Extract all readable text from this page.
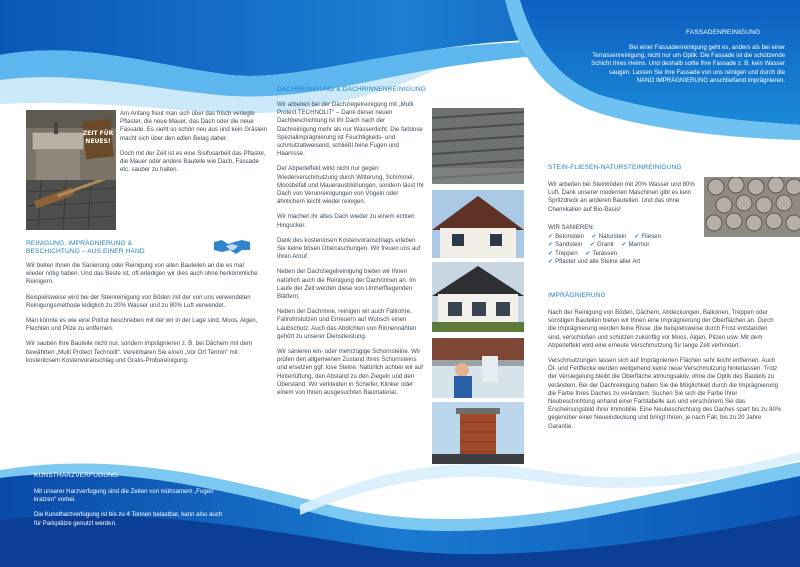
FASSADENREINIGUNG
Bei einer Fassadenreinigung geht es, anders als bei einer Terrassenreinigung, nicht nur um Optik. Die Fassade ist die schützende Schicht Ihres Heims. Und deshalb sollte Ihre Fassade z. B. kein Wasser saugen. Lassen Sie Ihre Fassade von uns reinigen und durch die NANO IMPRÄGNIERUNG anschließend imprägnieren.
ZEIT FÜR
NEUES!

Am Anfang freut man sich über das frisch verlegte Pflaster, die neue Mauer, das Dach oder die neue Fassade. Es sieht so schön neu aus und kein Gräslein macht sich über den edlen Belag daher.

Doch mit der Zeit ist es eine Sisifusarbeit das Pflaster, die Mauer oder andere Bauteile wie Dach, Fassade etc. sauber zu halten.

REINIGUNG, IMPRÄGNIERUNG & BESCHICHTUNG – AUS EINER HAND

Wir bieten Ihnen die Sanierung oder Reinigung von allen Bauteilen an die es mal wieder nötig haben. Und das Beste ist, oft erledigen wir dies auch ohne herkömmliche Reinigern.

Beispielsweise wird bei der Steinreinigung von Böden mit der von uns verwendeten Reinigungsmethode lediglich zu 20% Wasser und zu 80% Luft verwendet.

Man könnte es wie eine Politur beschreiben mit der wir in der Lage sind, Moos, Algen, Flechten und Pilze zu entfernen.

Wir sauben Ihre Bauteile nicht nur, sondern imprägnieren z. B. bei Dächern mit dem bewährten „Multi Protect Technolit“. Vereinbaren Sie einen „Vor Ort Termin“ mit kostenlosem Kostenvoranschlag und Gratis-Probereinigung.

KUNSTHARZVERFUGUNG

Mit unserer Harzverfugung sind die Zeiten von mühsamem „Fugen kratzen“ vorbei.

Die Kunstharzverfugung ist bis zu 4 Tonnen belastbar, kann also auch für Parkplätze genutzt werden.

DACHREINIGUNG & DACHRINNENREINIGUNG

Wir arbeiten bei der Dachziegelreinigung mit „Multi Protect TECHNOLIT“ – Dank dieser neuen Dachbeschichtung ist Ihr Dach nach der Dachreinigung mehr als nur Wasserdicht. Die farblose Spezialimprägnierung ist Feuchtigkeits- und schmutzabweisend, schließt feine Fugen und Haarrisse.

Der Abperleffekt wirkt nicht nur gegen Wiederverschmutzung durch Witterung, Schimmel, Moosbefall und Mauerausblühungen, sondern lässt Ihr Dach von Verunreinigungen von Vögeln oder ähnlichem leicht wieder reinigen.

Wir machen ihr altes Dach wieder zu einem echten Hingucker.

Dank des kostenlosen Kostenvoranschlags erleben Sie keine bösen Überraschungen. Wir freuen uns auf Ihren Anruf.

Neben der Dachziegelreinigung bieten wir Ihnen natürlich auch die Reinigung der Dachrinnen an. Im Laufe der Zeit werden diese von Umherfliegenden Blättern,

Neben der Dachrinne, reinigen wir auch Fallrohre, Fallrohrstutzen und Erneuern auf Wunsch einen Laubschutz. Auch das Abdichten von Rinnennähten gehört zu unserer Dienstleistung.

Wir sanieren ein- oder mehrzügige Schornsteine. Wir prüfen den allgemeinen Zustand Ihres Schornsteins und ersetzen ggf. lose Steine. Natürlich achten wir auf Hinterlüftung, den Abstand zu den Ziegeln und den Überstand. Wir verkleiden in Schiefer, Klinker oder einem von Ihnen ausgesuchten Baumaterial.

STEIN-FLIESEN-NATURSTEINREINIGUNG
Wir arbeiten bei Steinböden mit 20% Wasser und 80% Luft. Dank unserer modernen Maschinen gibt es kein Spritzdreck an anderen Bauteilen. Und das ohne Chemikalien auf Bio-Basis!
WIR SANIEREN:
✔ Betonstein ✔ Naturstein ✔ Fliesen
✔ Sandstein ✔ Granit ✔ Marmor
✔ Treppen ✔ Terassen
✔ Pflaster und alle Steine aller Art
IMPRÄGNIERUNG

Nach der Reinigung von Böden, Dächern, Abdeckungen, Balkonen, Treppen oder sonstigen Bauteilen bieten wir Ihnen eine Imprägnierung der Oberflächen an. Durch die Imprägnierung werden feine Risse ,die beispielsweise durch Frost entstanden sind, verschloßen und schützen zukünftig vor Moos, Algen, Pilzen usw. Mit dem Abperleffekt wird eine erneute Verschmutzung für lange Zeit verhindert.

Verschmutzungen lassen sich auf Imprägnierten Flächen sehr leicht entfernen. Auch Öl- und Fettflecke werden weitgehend keine neue Verschmutzung hinterlassen. Trotz der Versiegelung bleibt die Oberfläche atmungsaktiv, ohne die Optik des Bauteils zu verändern. Bei der Dachreinigung haben Sie die Möglichkeit durch die Imprägnierung die Farbe Ihres Daches zu verändern. Suchen Sie sich die Farbe Ihrer Neubeschichtung anhand einer Farbtabelle aus und verschönern Sie das Erscheinungsbild Ihrer Immobilie. Eine Neubeschichtung des Daches spart bis zu 80% gegenüber einer Neueindeckung und bringt Ihnen, je nach Fall, bis zu 20 Jahre Garantie.
